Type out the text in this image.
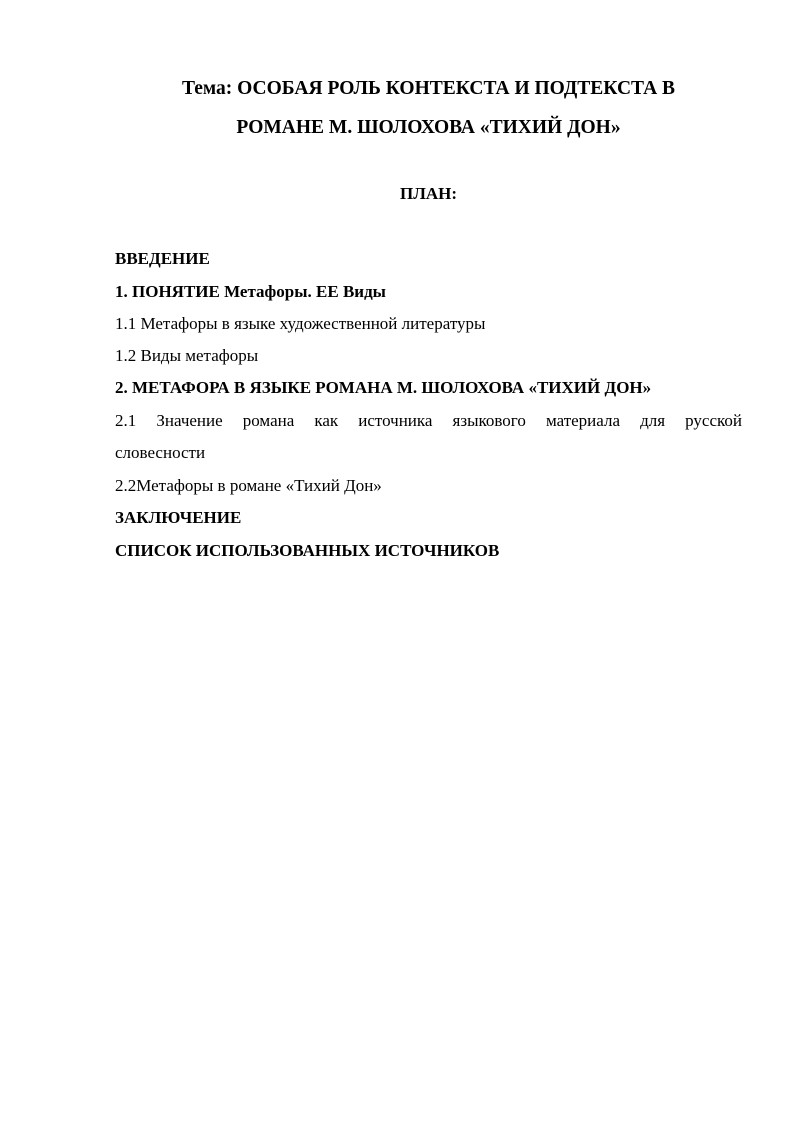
Тема: ОСОБАЯ РОЛЬ КОНТЕКСТА И ПОДТЕКСТА В
РОМАНЕ М. ШОЛОХОВА «ТИХИЙ ДОН»
ПЛАН:
ВВЕДЕНИЕ
1. ПОНЯТИЕ Метафоры. ЕЕ Виды
1.1 Метафоры в языке художественной литературы
1.2 Виды метафоры
2. МЕТАФОРА В ЯЗЫКЕ РОМАНА М. ШОЛОХОВА «ТИХИЙ ДОН»
2.1 Значение романа как источника языкового материала для русской
словесности
2.2Метафоры в романе «Тихий Дон»
ЗАКЛЮЧЕНИЕ
СПИСОК ИСПОЛЬЗОВАННЫХ ИСТОЧНИКОВ
